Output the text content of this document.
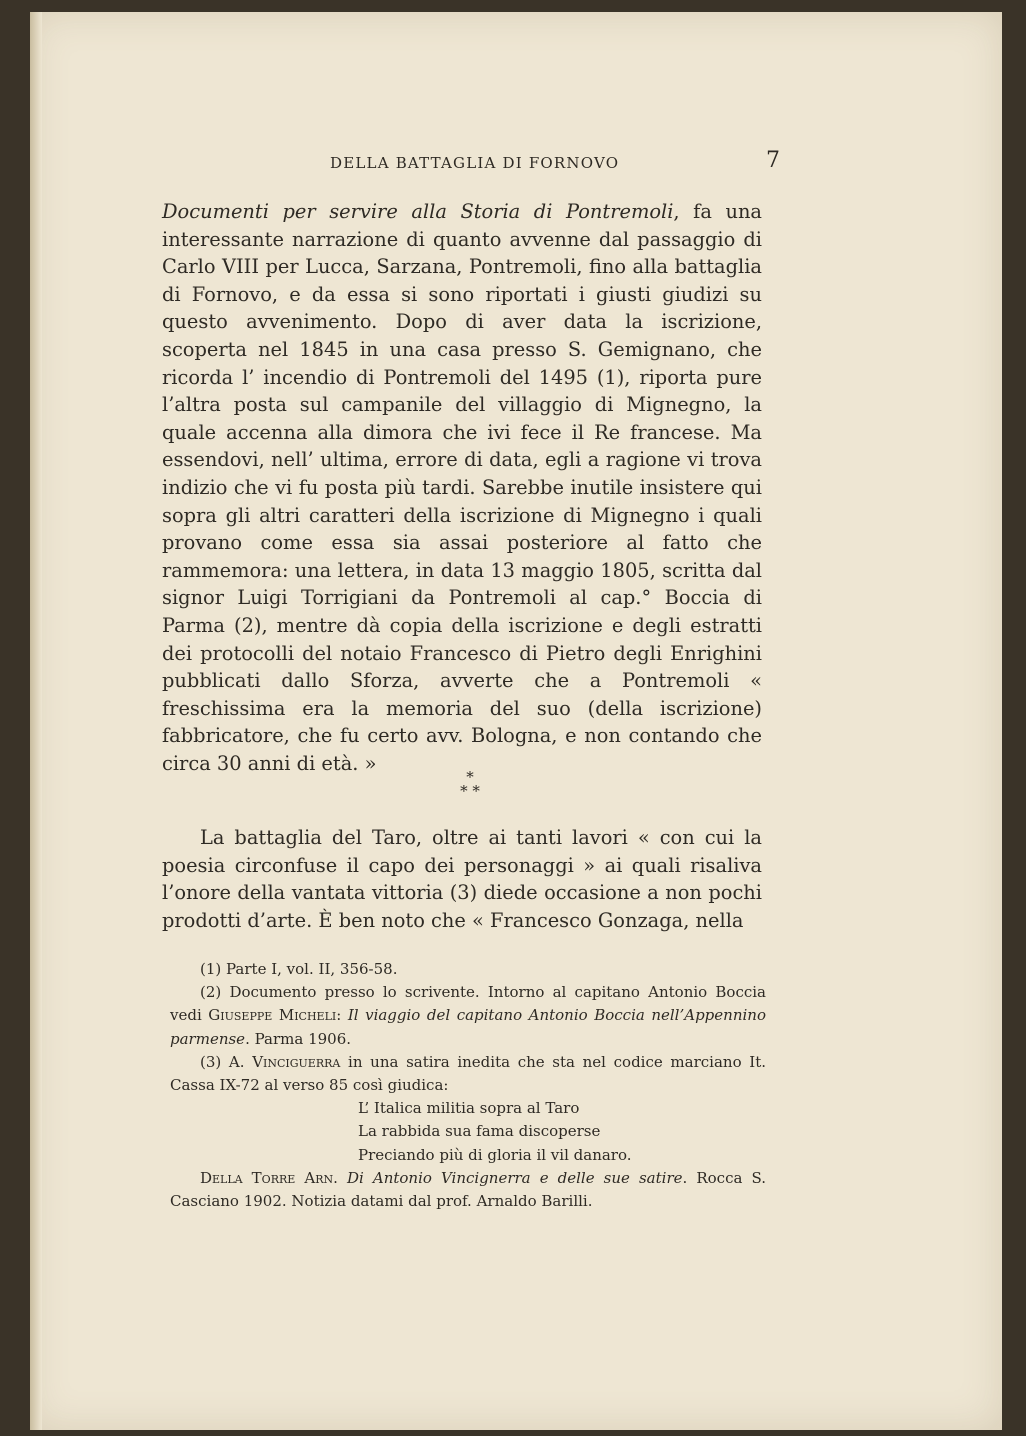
DELLA BATTAGLIA DI FORNOVO	7

Documenti per servire alla Storia di Pontremoli, fa una interessante narrazione di quanto avvenne dal passaggio di Carlo VIII per Lucca, Sarzana, Pontremoli, fino alla battaglia di Fornovo, e da essa si sono riportati i giusti giudizi su questo avvenimento. Dopo di aver data la iscrizione, scoperta nel 1845 in una casa presso S. Gemignano, che ricorda l’ incendio di Pontremoli del 1495 (1), riporta pure l’altra posta sul campanile del villaggio di Mignegno, la quale accenna alla dimora che ivi fece il Re francese. Ma essendovi, nell’ ultima, errore di data, egli a ragione vi trova indizio che vi fu posta più tardi. Sarebbe inutile insistere qui sopra gli altri caratteri della iscrizione di Mignegno i quali provano come essa sia assai posteriore al fatto che rammemora: una lettera, in data 13 maggio 1805, scritta dal signor Luigi Torrigiani da Pontremoli al cap.° Boccia di Parma (2), mentre dà copia della iscrizione e degli estratti dei protocolli del notaio Francesco di Pietro degli Enrighini pubblicati dallo Sforza, avverte che a Pontremoli « freschissima era la memoria del suo (della iscrizione) fabbricatore, che fu certo avv. Bologna, e non contando che circa 30 anni di età. »

*
* *

La battaglia del Taro, oltre ai tanti lavori « con cui la poesia circonfuse il capo dei personaggi » ai quali risaliva l’onore della vantata vittoria (3) diede occasione a non pochi prodotti d’arte. È ben noto che « Francesco Gonzaga, nella

(1) Parte I, vol. II, 356-58.

(2) Documento presso lo scrivente. Intorno al capitano Antonio Boccia vedi Giuseppe Micheli: Il viaggio del capitano Antonio Boccia nell’Appennino parmense. Parma 1906.

(3) A. Vinciguerra in una satira inedita che sta nel codice marciano It. Cassa IX-72 al verso 85 così giudica:

L’ Italica militia sopra al Taro

La rabbida sua fama discoperse

Preciando più di gloria il vil danaro.

Della Torre Arn. Di Antonio Vincignerra e delle sue satire. Rocca S. Casciano 1902. Notizia datami dal prof. Arnaldo Barilli.
